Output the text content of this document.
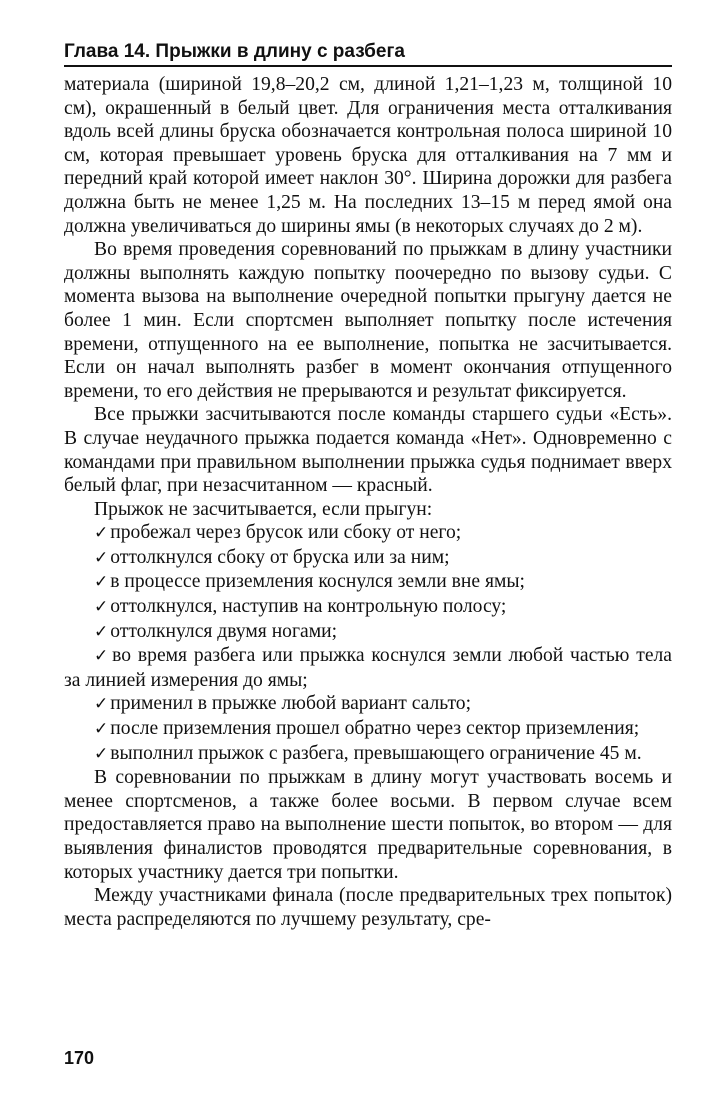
Глава 14. Прыжки в длину с разбега

материала (шириной 19,8–20,2 см, длиной 1,21–1,23 м, толщиной 10 см), окрашенный в белый цвет. Для ограничения места отталкивания вдоль всей длины бруска обозначается контрольная полоса шириной 10 см, которая превышает уровень бруска для отталкивания на 7 мм и передний край которой имеет наклон 30°. Ширина дорожки для разбега должна быть не менее 1,25 м. На последних 13–15 м перед ямой она должна увеличиваться до ширины ямы (в некоторых случаях до 2 м).

Во время проведения соревнований по прыжкам в длину участники должны выполнять каждую попытку поочередно по вызову судьи. С момента вызова на выполнение очередной попытки прыгуну дается не более 1 мин. Если спортсмен выполняет попытку после истечения времени, отпущенного на ее выполнение, попытка не засчитывается. Если он начал выполнять разбег в момент окончания отпущенного времени, то его действия не прерываются и результат фиксируется.

Все прыжки засчитываются после команды старшего судьи «Есть». В случае неудачного прыжка подается команда «Нет». Одновременно с командами при правильном выполнении прыжка судья поднимает вверх белый флаг, при незасчитанном — красный.

Прыжок не засчитывается, если прыгун:

✓ пробежал через брусок или сбоку от него;
✓ оттолкнулся сбоку от бруска или за ним;
✓ в процессе приземления коснулся земли вне ямы;
✓ оттолкнулся, наступив на контрольную полосу;
✓ оттолкнулся двумя ногами;
✓ во время разбега или прыжка коснулся земли любой частью тела за линией измерения до ямы;
✓ применил в прыжке любой вариант сальто;
✓ после приземления прошел обратно через сектор приземления;
✓ выполнил прыжок с разбега, превышающего ограничение 45 м.

В соревновании по прыжкам в длину могут участвовать восемь и менее спортсменов, а также более восьми. В первом случае всем предоставляется право на выполнение шести попыток, во втором — для выявления финалистов проводятся предварительные соревнования, в которых участнику дается три попытки.

Между участниками финала (после предварительных трех попыток) места распределяются по лучшему результату, сре-

170
